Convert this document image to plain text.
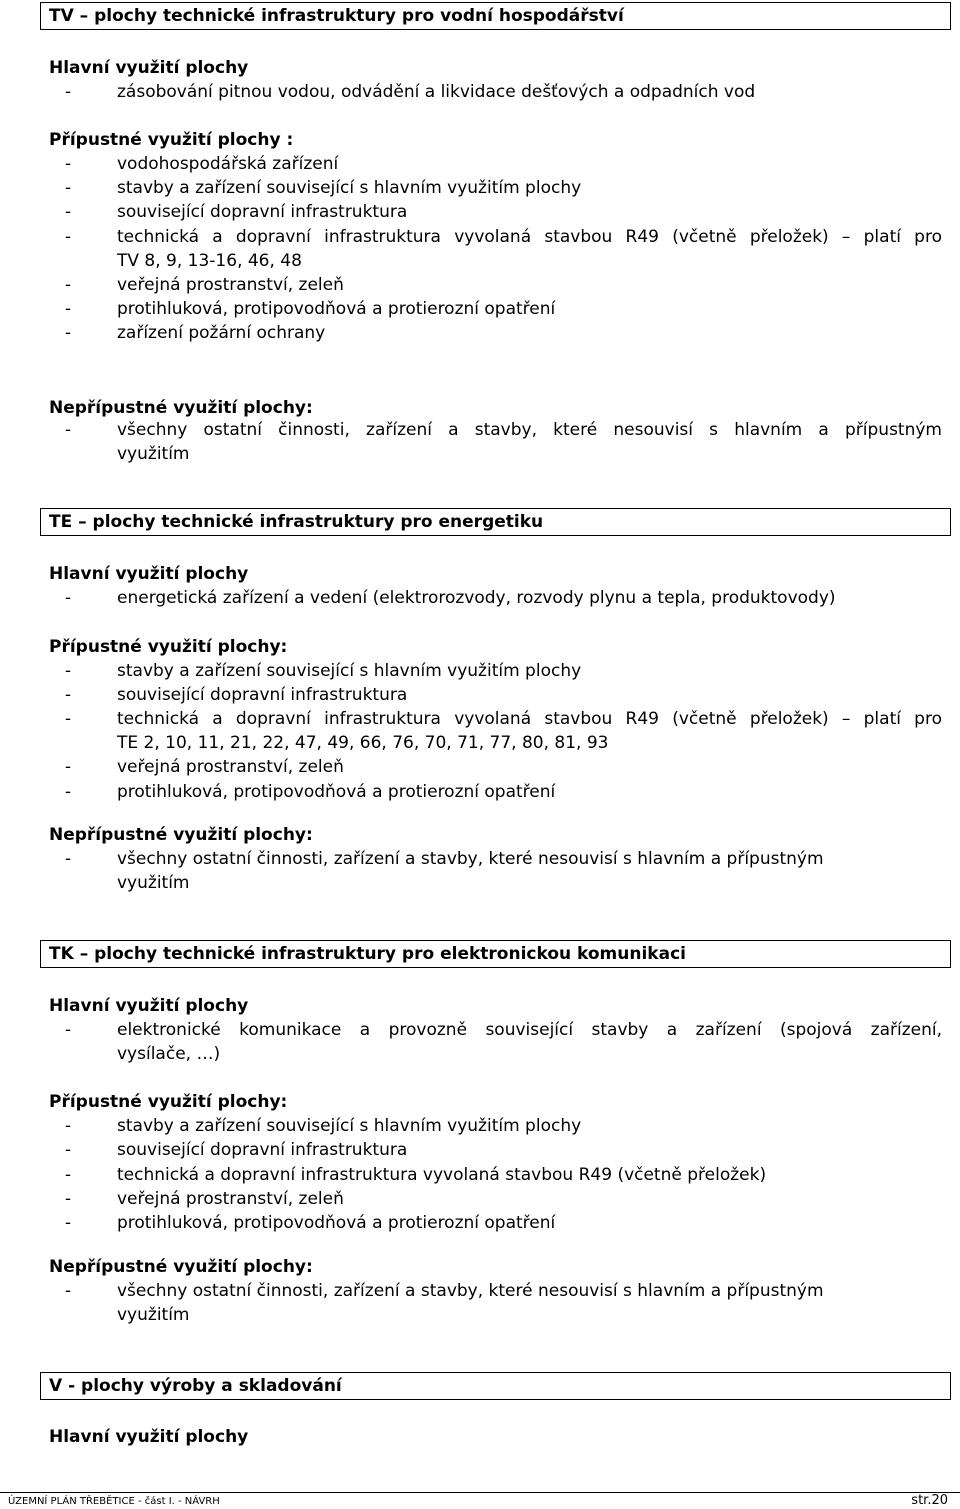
TV – plochy technické infrastruktury pro vodní hospodářství
Hlavní využití plochy
-	zásobování pitnou vodou, odvádění a likvidace dešťových a odpadních vod
Přípustné využití plochy :
-	vodohospodářská zařízení
-	stavby a zařízení související s hlavním využitím plochy
-	související dopravní infrastruktura
-	technická a dopravní infrastruktura vyvolaná stavbou R49 (včetně přeložek) – platí pro
TV 8, 9, 13-16, 46, 48
-	veřejná prostranství, zeleň
-	protihluková, protipovodňová a protierozní opatření
-	zařízení požární ochrany
Nepřípustné využití plochy:
-	všechny ostatní činnosti, zařízení a stavby, které nesouvisí s hlavním a přípustným
využitím
TE – plochy technické infrastruktury pro energetiku
Hlavní využití plochy
-	energetická zařízení a vedení (elektrorozvody, rozvody plynu a tepla, produktovody)
Přípustné využití plochy:
-	stavby a zařízení související s hlavním využitím plochy
-	související dopravní infrastruktura
-	technická a dopravní infrastruktura vyvolaná stavbou R49 (včetně přeložek) – platí pro
TE 2, 10, 11, 21, 22, 47, 49, 66, 76, 70, 71, 77, 80, 81, 93
-	veřejná prostranství, zeleň
-	protihluková, protipovodňová a protierozní opatření
Nepřípustné využití plochy:
-	všechny ostatní činnosti, zařízení a stavby, které nesouvisí s hlavním a přípustným
využitím
TK – plochy technické infrastruktury pro elektronickou komunikaci
Hlavní využití plochy
-	elektronické komunikace a provozně související stavby a zařízení (spojová zařízení,
vysílače, …)
Přípustné využití plochy:
-	stavby a zařízení související s hlavním využitím plochy
-	související dopravní infrastruktura
-	technická a dopravní infrastruktura vyvolaná stavbou R49 (včetně přeložek)
-	veřejná prostranství, zeleň
-	protihluková, protipovodňová a protierozní opatření
Nepřípustné využití plochy:
-	všechny ostatní činnosti, zařízení a stavby, které nesouvisí s hlavním a přípustným
využitím
V - plochy výroby a skladování
Hlavní využití plochy
ÚZEMNÍ PLÁN TŘEBĚTICE - část I. - NÁVRH	str.20
